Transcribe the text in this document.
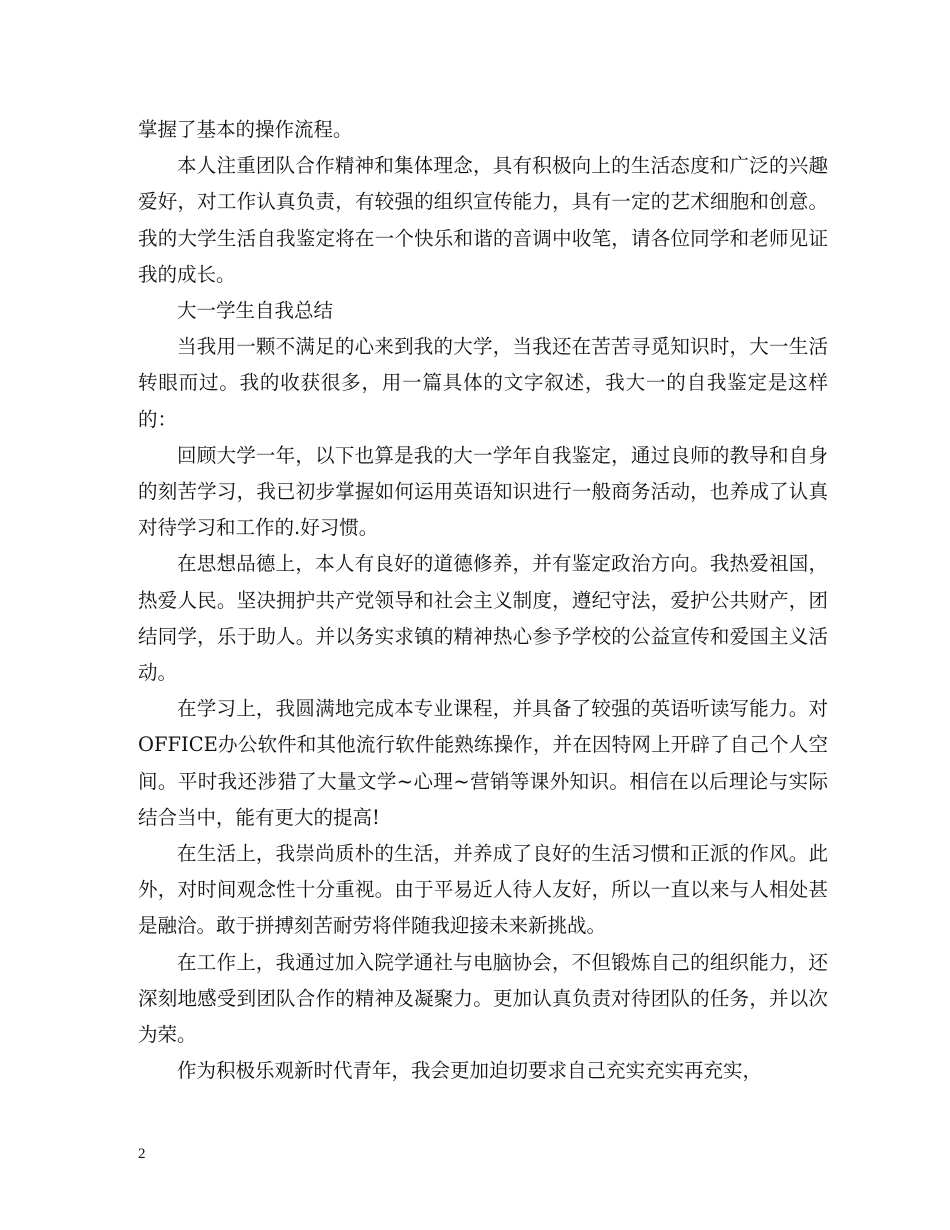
掌握了基本的操作流程。

本人注重团队合作精神和集体理念，具有积极向上的生活态度和广泛的兴趣爱好，对工作认真负责，有较强的组织宣传能力，具有一定的艺术细胞和创意。我的大学生活自我鉴定将在一个快乐和谐的音调中收笔，请各位同学和老师见证我的成长。

大一学生自我总结

当我用一颗不满足的心来到我的大学，当我还在苦苦寻觅知识时，大一生活转眼而过。我的收获很多，用一篇具体的文字叙述，我大一的自我鉴定是这样的：

回顾大学一年，以下也算是我的大一学年自我鉴定，通过良师的教导和自身的刻苦学习，我已初步掌握如何运用英语知识进行一般商务活动，也养成了认真对待学习和工作的.好习惯。

在思想品德上，本人有良好的道德修养，并有鉴定政治方向。我热爱祖国，热爱人民。坚决拥护共产党领导和社会主义制度，遵纪守法，爱护公共财产，团结同学，乐于助人。并以务实求镇的精神热心参予学校的公益宣传和爱国主义活动。

在学习上，我圆满地完成本专业课程，并具备了较强的英语听读写能力。对OFFICE办公软件和其他流行软件能熟练操作，并在因特网上开辟了自己个人空间。平时我还涉猎了大量文学~心理~营销等课外知识。相信在以后理论与实际结合当中，能有更大的提高!

在生活上，我崇尚质朴的生活，并养成了良好的生活习惯和正派的作风。此外，对时间观念性十分重视。由于平易近人待人友好，所以一直以来与人相处甚是融洽。敢于拼搏刻苦耐劳将伴随我迎接未来新挑战。

在工作上，我通过加入院学通社与电脑协会，不但锻炼自己的组织能力，还深刻地感受到团队合作的精神及凝聚力。更加认真负责对待团队的任务，并以次为荣。

作为积极乐观新时代青年，我会更加迫切要求自己充实充实再充实，

2
